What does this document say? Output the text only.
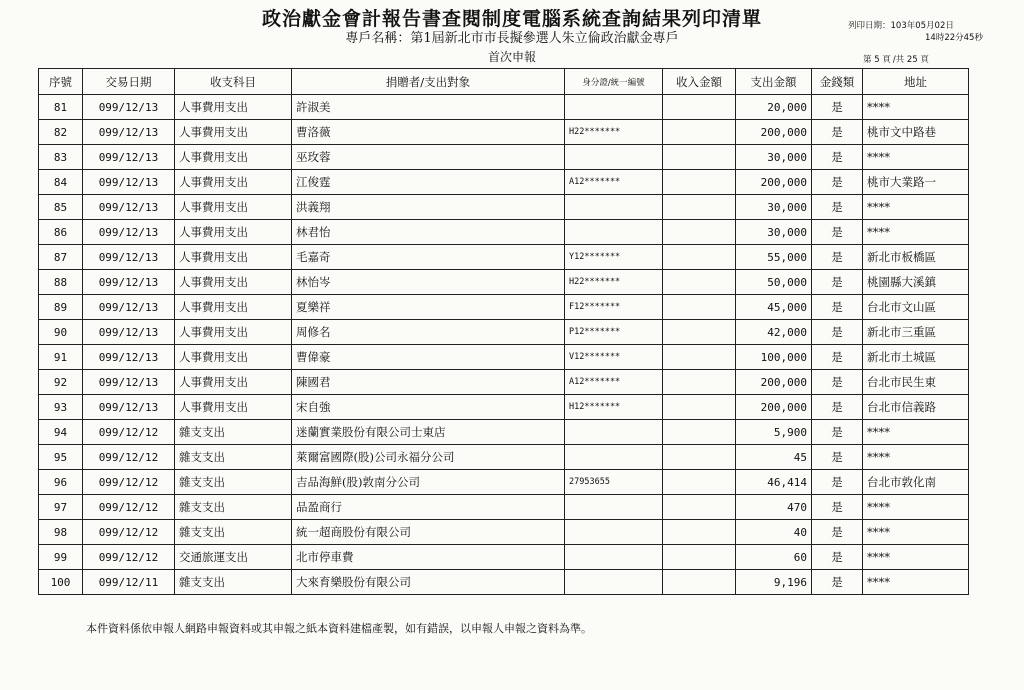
政治獻金會計報告書查閱制度電腦系統查詢結果列印清單
專戶名稱：第1屆新北市市長擬參選人朱立倫政治獻金專戶
首次申報
列印日期：103年05月02日
14時22分45秒
第 5 頁 /共 25 頁
序號	交易日期	收支科目	捐贈者/支出對象	身分證/統一編號	收入金額	支出金額	金錢類	地址
81	099/12/13	人事費用支出	許淑美			20,000	是	****
82	099/12/13	人事費用支出	曹洛薇	H22*******		200,000	是	桃市文中路巷
83	099/12/13	人事費用支出	巫玫蓉			30,000	是	****
84	099/12/13	人事費用支出	江俊霆	A12*******		200,000	是	桃市大業路一
85	099/12/13	人事費用支出	洪義翔			30,000	是	****
86	099/12/13	人事費用支出	林君怡			30,000	是	****
87	099/12/13	人事費用支出	毛嘉奇	Y12*******		55,000	是	新北市板橋區
88	099/12/13	人事費用支出	林怡岑	H22*******		50,000	是	桃園縣大溪鎮
89	099/12/13	人事費用支出	夏樂祥	F12*******		45,000	是	台北市文山區
90	099/12/13	人事費用支出	周修名	P12*******		42,000	是	新北市三重區
91	099/12/13	人事費用支出	曹偉豪	V12*******		100,000	是	新北市土城區
92	099/12/13	人事費用支出	陳國君	A12*******		200,000	是	台北市民生東
93	099/12/13	人事費用支出	宋自強	H12*******		200,000	是	台北市信義路
94	099/12/12	雜支支出	迷蘭實業股份有限公司士東店			5,900	是	****
95	099/12/12	雜支支出	萊爾富國際(股)公司永福分公司			45	是	****
96	099/12/12	雜支支出	吉品海鮮(股)敦南分公司	27953655		46,414	是	台北市敦化南
97	099/12/12	雜支支出	品盈商行			470	是	****
98	099/12/12	雜支支出	統一超商股份有限公司			40	是	****
99	099/12/12	交通旅運支出	北市停車費			60	是	****
100	099/12/11	雜支支出	大來育樂股份有限公司			9,196	是	****
本件資料係依申報人網路申報資料或其申報之紙本資料建檔產製，如有錯誤，以申報人申報之資料為準。
